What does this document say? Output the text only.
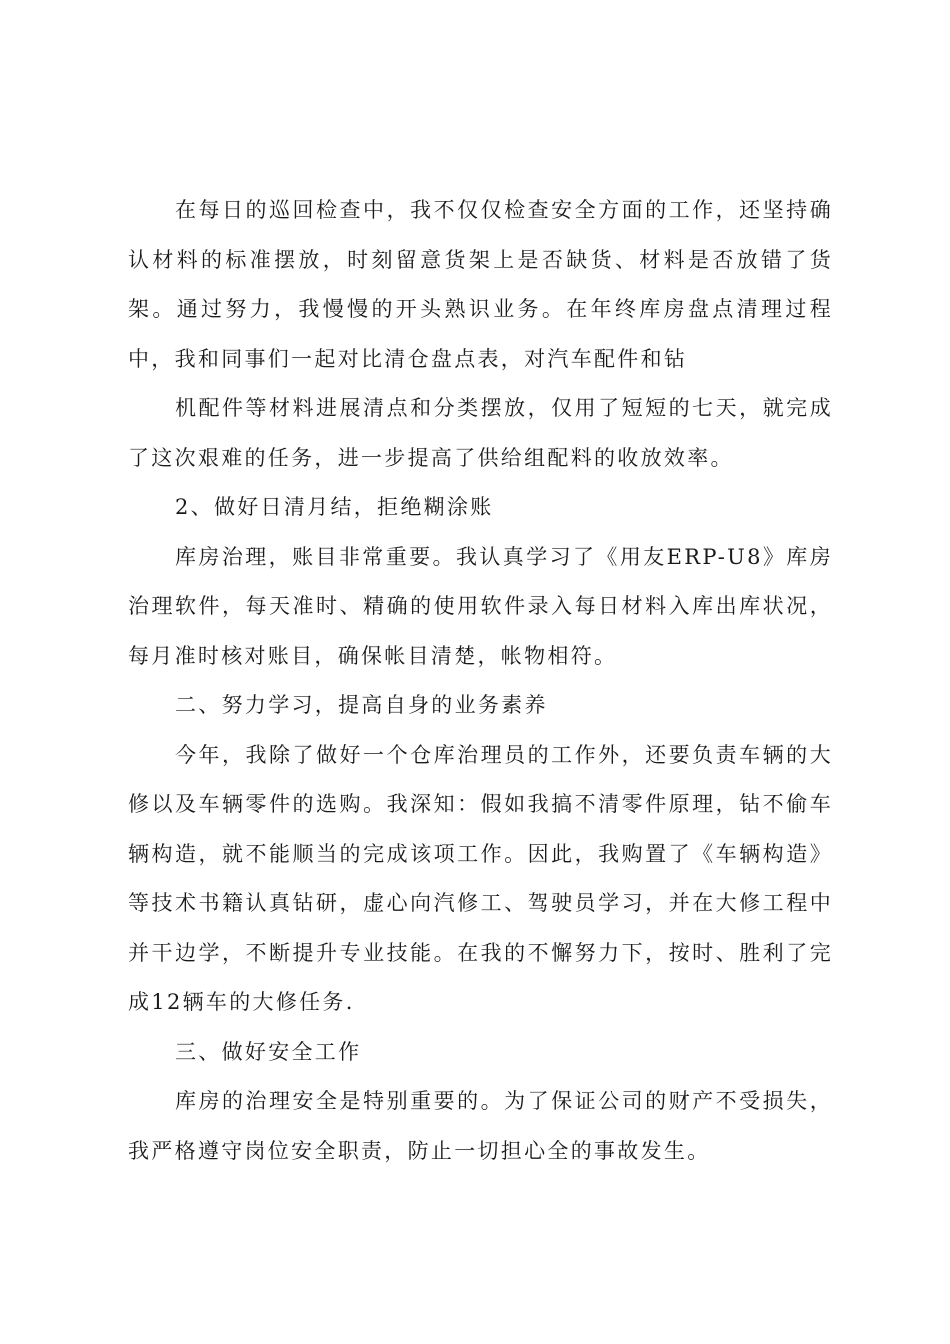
在每日的巡回检查中，我不仅仅检查安全方面的工作，还坚持确认材料的标准摆放，时刻留意货架上是否缺货、材料是否放错了货架。通过努力，我慢慢的开头熟识业务。在年终库房盘点清理过程中，我和同事们一起对比清仓盘点表，对汽车配件和钻

机配件等材料进展清点和分类摆放，仅用了短短的七天，就完成了这次艰难的任务，进一步提高了供给组配料的收放效率。

2、做好日清月结，拒绝糊涂账

库房治理，账目非常重要。我认真学习了《用友ERP-U8》库房治理软件，每天准时、精确的使用软件录入每日材料入库出库状况，每月准时核对账目，确保帐目清楚，帐物相符。

二、努力学习，提高自身的业务素养

今年，我除了做好一个仓库治理员的工作外，还要负责车辆的大修以及车辆零件的选购。我深知：假如我搞不清零件原理，钻不偷车辆构造，就不能顺当的完成该项工作。因此，我购置了《车辆构造》等技术书籍认真钻研，虚心向汽修工、驾驶员学习，并在大修工程中并干边学，不断提升专业技能。在我的不懈努力下，按时、胜利了完成12辆车的大修任务.

三、做好安全工作

库房的治理安全是特别重要的。为了保证公司的财产不受损失，我严格遵守岗位安全职责，防止一切担心全的事故发生。
